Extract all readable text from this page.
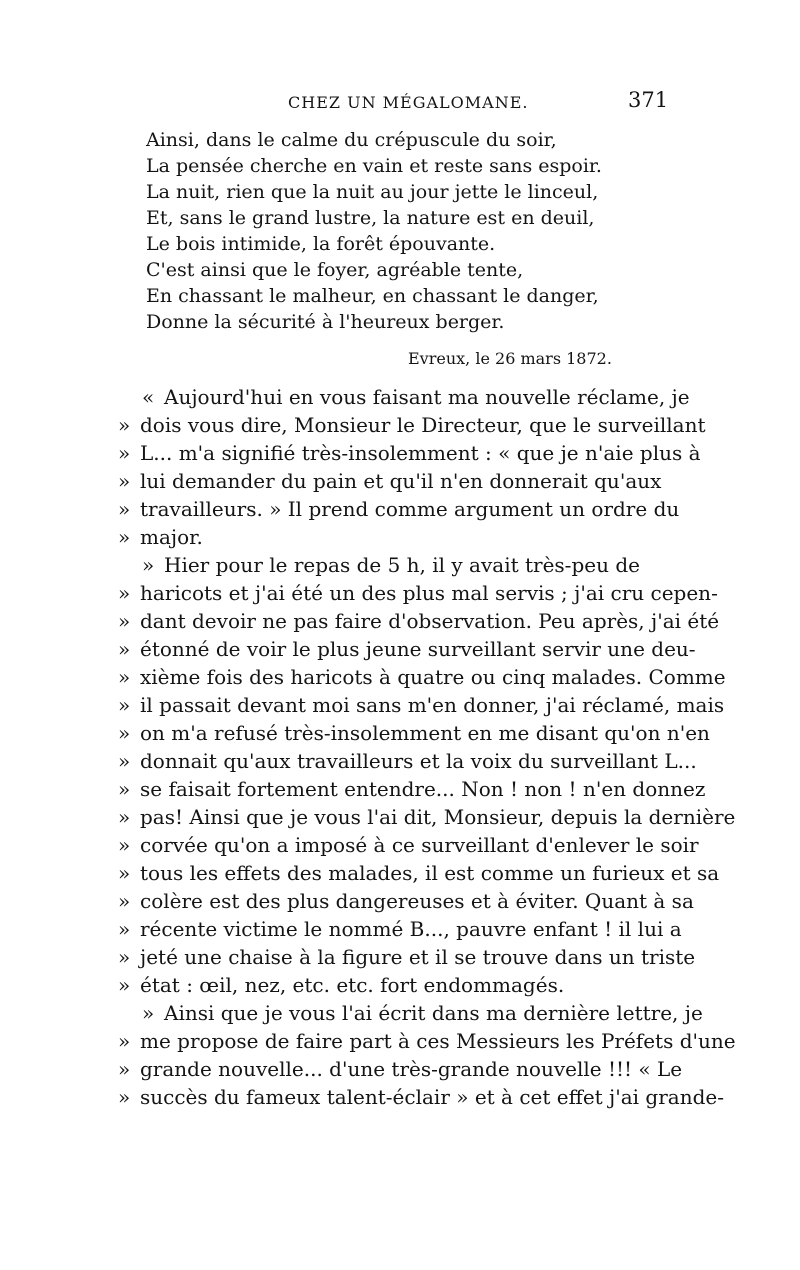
CHEZ UN MÉGALOMANE.	371
Ainsi, dans le calme du crépuscule du soir,
La pensée cherche en vain et reste sans espoir.
La nuit, rien que la nuit au jour jette le linceul,
Et, sans le grand lustre, la nature est en deuil,
Le bois intimide, la forêt épouvante.
C'est ainsi que le foyer, agréable tente,
En chassant le malheur, en chassant le danger,
Donne la sécurité à l'heureux berger.
Evreux, le 26 mars 1872.
« Aujourd'hui en vous faisant ma nouvelle réclame, je
» dois vous dire, Monsieur le Directeur, que le surveillant
» L... m'a signifié très-insolemment : « que je n'aie plus à
» lui demander du pain et qu'il n'en donnerait qu'aux
» travailleurs. » Il prend comme argument un ordre du
» major.
» Hier pour le repas de 5 h, il y avait très-peu de
» haricots et j'ai été un des plus mal servis ; j'ai cru cepen-
» dant devoir ne pas faire d'observation. Peu après, j'ai été
» étonné de voir le plus jeune surveillant servir une deu-
» xième fois des haricots à quatre ou cinq malades. Comme
» il passait devant moi sans m'en donner, j'ai réclamé, mais
» on m'a refusé très-insolemment en me disant qu'on n'en
» donnait qu'aux travailleurs et la voix du surveillant L...
» se faisait fortement entendre... Non ! non ! n'en donnez
» pas! Ainsi que je vous l'ai dit, Monsieur, depuis la dernière
» corvée qu'on a imposé à ce surveillant d'enlever le soir
» tous les effets des malades, il est comme un furieux et sa
» colère est des plus dangereuses et à éviter. Quant à sa
» récente victime le nommé B..., pauvre enfant ! il lui a
» jeté une chaise à la figure et il se trouve dans un triste
» état : œil, nez, etc. etc. fort endommagés.
» Ainsi que je vous l'ai écrit dans ma dernière lettre, je
» me propose de faire part à ces Messieurs les Préfets d'une
» grande nouvelle... d'une très-grande nouvelle !!! « Le
» succès du fameux talent-éclair » et à cet effet j'ai grande-
